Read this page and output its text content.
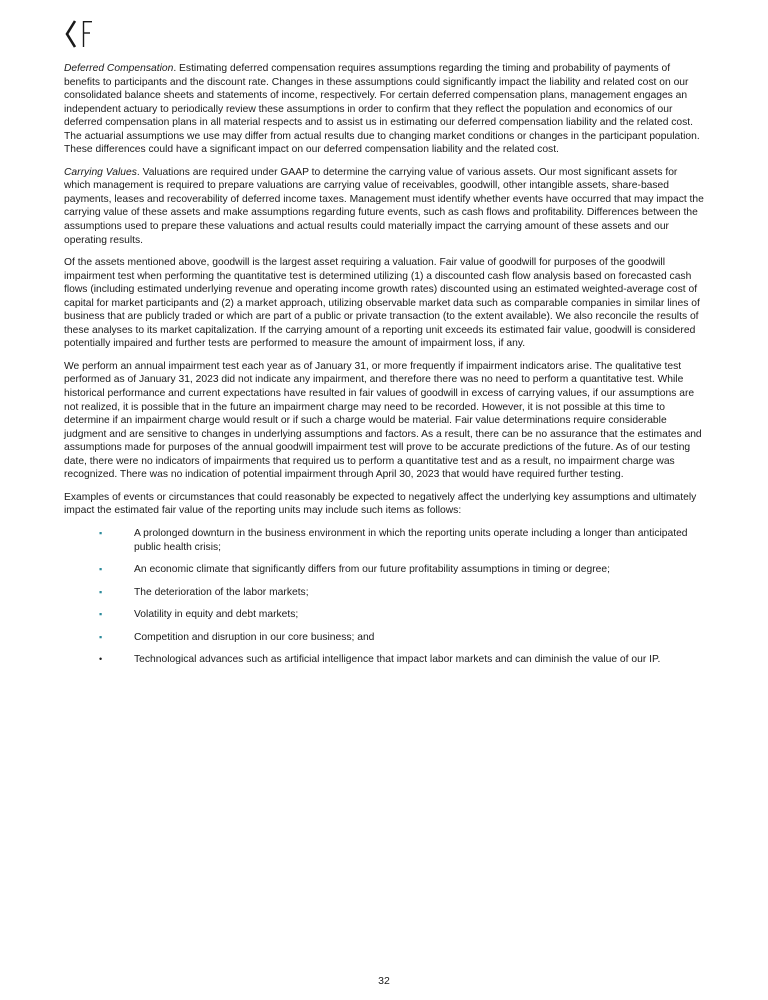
Deferred Compensation. Estimating deferred compensation requires assumptions regarding the timing and probability of payments of benefits to participants and the discount rate. Changes in these assumptions could significantly impact the liability and related cost on our consolidated balance sheets and statements of income, respectively. For certain deferred compensation plans, management engages an independent actuary to periodically review these assumptions in order to confirm that they reflect the population and economics of our deferred compensation plans in all material respects and to assist us in estimating our deferred compensation liability and the related cost. The actuarial assumptions we use may differ from actual results due to changing market conditions or changes in the participant population. These differences could have a significant impact on our deferred compensation liability and the related cost.

Carrying Values. Valuations are required under GAAP to determine the carrying value of various assets. Our most significant assets for which management is required to prepare valuations are carrying value of receivables, goodwill, other intangible assets, share-based payments, leases and recoverability of deferred income taxes. Management must identify whether events have occurred that may impact the carrying value of these assets and make assumptions regarding future events, such as cash flows and profitability. Differences between the assumptions used to prepare these valuations and actual results could materially impact the carrying amount of these assets and our operating results.

Of the assets mentioned above, goodwill is the largest asset requiring a valuation. Fair value of goodwill for purposes of the goodwill impairment test when performing the quantitative test is determined utilizing (1) a discounted cash flow analysis based on forecasted cash flows (including estimated underlying revenue and operating income growth rates) discounted using an estimated weighted-average cost of capital for market participants and (2) a market approach, utilizing observable market data such as comparable companies in similar lines of business that are publicly traded or which are part of a public or private transaction (to the extent available). We also reconcile the results of these analyses to its market capitalization. If the carrying amount of a reporting unit exceeds its estimated fair value, goodwill is considered potentially impaired and further tests are performed to measure the amount of impairment loss, if any.

We perform an annual impairment test each year as of January 31, or more frequently if impairment indicators arise. The qualitative test performed as of January 31, 2023 did not indicate any impairment, and therefore there was no need to perform a quantitative test. While historical performance and current expectations have resulted in fair values of goodwill in excess of carrying values, if our assumptions are not realized, it is possible that in the future an impairment charge may need to be recorded. However, it is not possible at this time to determine if an impairment charge would result or if such a charge would be material. Fair value determinations require considerable judgment and are sensitive to changes in underlying assumptions and factors. As a result, there can be no assurance that the estimates and assumptions made for purposes of the annual goodwill impairment test will prove to be accurate predictions of the future. As of our testing date, there were no indicators of impairments that required us to perform a quantitative test and as a result, no impairment charge was recognized. There was no indication of potential impairment through April 30, 2023 that would have required further testing.

Examples of events or circumstances that could reasonably be expected to negatively affect the underlying key assumptions and ultimately impact the estimated fair value of the reporting units may include such items as follows:

▪	A prolonged downturn in the business environment in which the reporting units operate including a longer than anticipated public health crisis;
▪	An economic climate that significantly differs from our future profitability assumptions in timing or degree;
▪	The deterioration of the labor markets;
▪	Volatility in equity and debt markets;
▪	Competition and disruption in our core business; and
•	Technological advances such as artificial intelligence that impact labor markets and can diminish the value of our IP.
32
